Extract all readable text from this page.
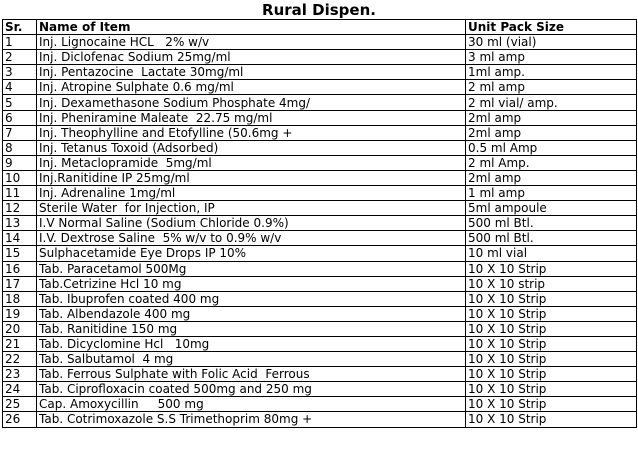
Rural Dispen.
Sr.	Name of Item	Unit Pack Size
1	Inj. Lignocaine HCL   2% w/v	30 ml (vial)
2	Inj. Diclofenac Sodium 25mg/ml	3 ml amp
3	Inj. Pentazocine  Lactate 30mg/ml	1ml amp.
4	Inj. Atropine Sulphate 0.6 mg/ml	2 ml amp
5	Inj. Dexamethasone Sodium Phosphate 4mg/	2 ml vial/ amp.
6	Inj. Pheniramine Maleate  22.75 mg/ml	2ml amp
7	Inj. Theophylline and Etofylline (50.6mg +	2ml amp
8	Inj. Tetanus Toxoid (Adsorbed)	0.5 ml Amp
9	Inj. Metaclopramide  5mg/ml	2 ml Amp.
10	Inj.Ranitidine IP 25mg/ml	2ml amp
11	Inj. Adrenaline 1mg/ml	1 ml amp
12	Sterile Water  for Injection, IP	5ml ampoule
13	I.V Normal Saline (Sodium Chloride 0.9%)	500 ml Btl.
14	I.V. Dextrose Saline  5% w/v to 0.9% w/v	500 ml Btl.
15	Sulphacetamide Eye Drops IP 10%	10 ml vial
16	Tab. Paracetamol 500Mg	10 X 10 Strip
17	Tab.Cetrizine Hcl 10 mg	10 X 10 strip
18	Tab. Ibuprofen coated 400 mg	10 X 10 Strip
19	Tab. Albendazole 400 mg	10 X 10 Strip
20	Tab. Ranitidine 150 mg	10 X 10 Strip
21	Tab. Dicyclomine Hcl   10mg	10 X 10 Strip
22	Tab. Salbutamol  4 mg	10 X 10 Strip
23	Tab. Ferrous Sulphate with Folic Acid  Ferrous	10 X 10 Strip
24	Tab. Ciprofloxacin coated 500mg and 250 mg	10 X 10 Strip
25	Cap. Amoxycillin     500 mg	10 X 10 Strip
26	Tab. Cotrimoxazole S.S Trimethoprim 80mg +	10 X 10 Strip
